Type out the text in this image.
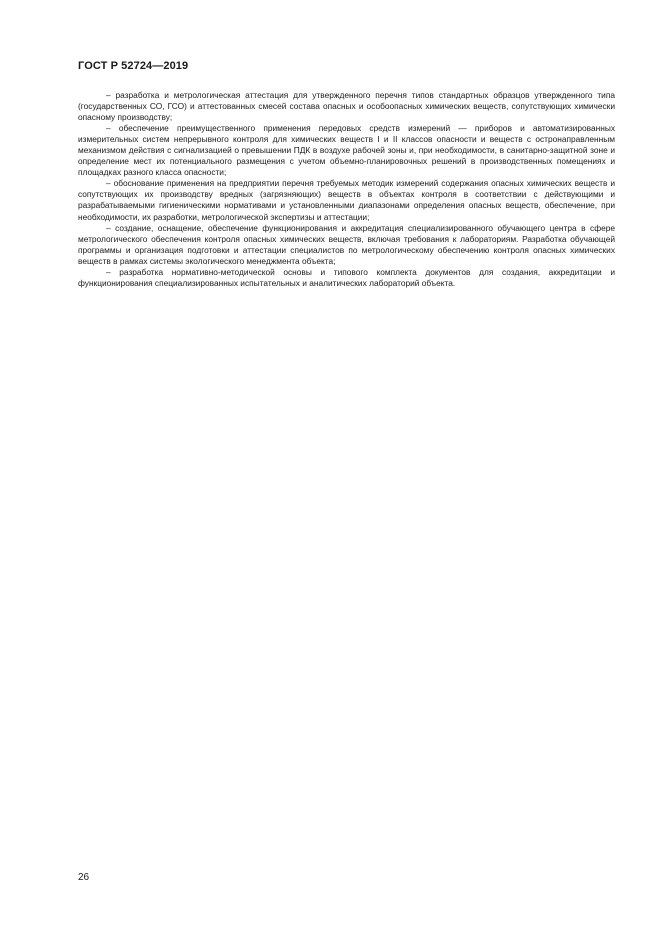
ГОСТ Р 52724—2019

– разработка и метрологическая аттестация для утвержденного перечня типов стандартных образцов утвержденного типа (государственных СО, ГСО) и аттестованных смесей состава опасных и особоопасных химических веществ, сопутствующих химически опасному производству;

– обеспечение преимущественного применения передовых средств измерений — приборов и автоматизированных измерительных систем непрерывного контроля для химических веществ I и II классов опасности и веществ с остронаправленным механизмом действия с сигнализацией о превышении ПДК в воздухе рабочей зоны и, при необходимости, в санитарно-защитной зоне и определение мест их потенциального размещения с учетом объемно-планировочных решений в производственных помещениях и площадках разного класса опасности;

– обоснование применения на предприятии перечня требуемых методик измерений содержания опасных химических веществ и сопутствующих их производству вредных (загрязняющих) веществ в объектах контроля в соответствии с действующими и разрабатываемыми гигиеническими нормативами и установленными диапазонами определения опасных веществ, обеспечение, при необходимости, их разработки, метрологической экспертизы и аттестации;

– создание, оснащение, обеспечение функционирования и аккредитация специализированного обучающего центра в сфере метрологического обеспечения контроля опасных химических веществ, включая требования к лабораториям. Разработка обучающей программы и организация подготовки и аттестации специалистов по метрологическому обеспечению контроля опасных химических веществ в рамках системы экологического менеджмента объекта;

– разработка нормативно-методической основы и типового комплекта документов для создания, аккредитации и функционирования специализированных испытательных и аналитических лабораторий объекта.

26
